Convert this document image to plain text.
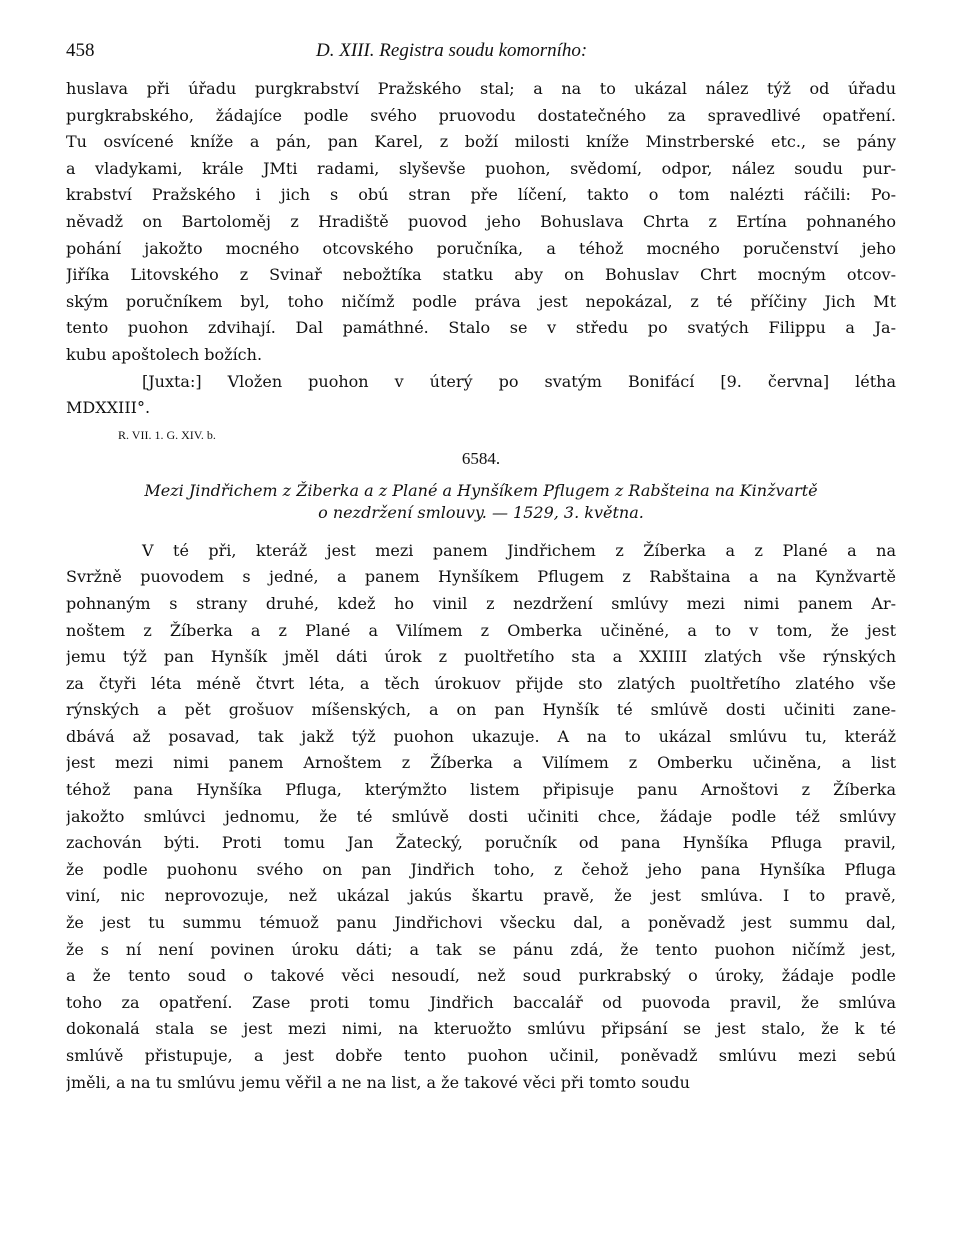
458	D. XIII. Registra soudu komorního:
huslava při úřadu purgkrabství Pražského stal; a na to ukázal nález týž od úřadu
purgkrabského, žádajíce podle svého pruovodu dostatečného za spravedlivé opatření.
Tu osvícené kníže a pán, pan Karel, z boží milosti kníže Minstrberské etc., se pány
a vladykami, krále JMti radami, slyševše puohon, svědomí, odpor, nález soudu pur-
krabství Pražského i jich s obú stran pře líčení, takto o tom nalézti ráčili: Po-
něvadž on Bartoloměj z Hradiště puovod jeho Bohuslava Chrta z Ertína pohnaného
pohání jakožto mocného otcovského poručníka, a téhož mocného poručenství jeho
Jiříka Litovského z Svinař nebožtíka statku aby on Bohuslav Chrt mocným otcov-
ským poručníkem byl, toho ničímž podle práva jest nepokázal, z té příčiny Jich Mt
tento puohon zdvihají. Dal památhné. Stalo se v středu po svatých Filippu a Ja-
kubu apoštolech božích.
[Juxta:] Vložen puohon v úterý po svatým Bonifácí [9. června] létha
MDXXIII°.
R. VII. 1. G. XIV. b.
6584.
Mezi Jindřichem z Žiberka a z Plané a Hynšíkem Pflugem z Rabšteina na Kinžvartě
o nezdržení smlouvy. — 1529, 3. května.
V té při, kteráž jest mezi panem Jindřichem z Žíberka a z Plané a na
Svržně puovodem s jedné, a panem Hynšíkem Pflugem z Rabštaina a na Kynžvartě
pohnaným s strany druhé, kdež ho vinil z nezdržení smlúvy mezi nimi panem Ar-
noštem z Žíberka a z Plané a Vilímem z Omberka učiněné, a to v tom, že jest
jemu týž pan Hynšík jměl dáti úrok z puoltřetího sta a XXIIII zlatých vše rýnských
za čtyři léta méně čtvrt léta, a těch úrokuov přijde sto zlatých puoltřetího zlatého vše
rýnských a pět grošuov míšenských, a on pan Hynšík té smlúvě dosti učiniti zane-
dbává až posavad, tak jakž týž puohon ukazuje. A na to ukázal smlúvu tu, kteráž
jest mezi nimi panem Arnoštem z Žíberka a Vilímem z Omberku učiněna, a list
téhož pana Hynšíka Pfluga, kterýmžto listem připisuje panu Arnoštovi z Žíberka
jakožto smlúvci jednomu, že té smlúvě dosti učiniti chce, žádaje podle též smlúvy
zachován býti. Proti tomu Jan Žatecký, poručník od pana Hynšíka Pfluga pravil,
že podle puohonu svého on pan Jindřich toho, z čehož jeho pana Hynšíka Pfluga
viní, nic neprovozuje, než ukázal jakús škartu pravě, že jest smlúva. I to pravě,
že jest tu summu témuož panu Jindřichovi všecku dal, a poněvadž jest summu dal,
že s ní není povinen úroku dáti; a tak se pánu zdá, že tento puohon ničímž jest,
a že tento soud o takové věci nesoudí, než soud purkrabský o úroky, žádaje podle
toho za opatření. Zase proti tomu Jindřich baccalář od puovoda pravil, že smlúva
dokonalá stala se jest mezi nimi, na kteruožto smlúvu připsání se jest stalo, že k té
smlúvě přistupuje, a jest dobře tento puohon učinil, poněvadž smlúvu mezi sebú
jměli, a na tu smlúvu jemu věřil a ne na list, a že takové věci při tomto soudu
